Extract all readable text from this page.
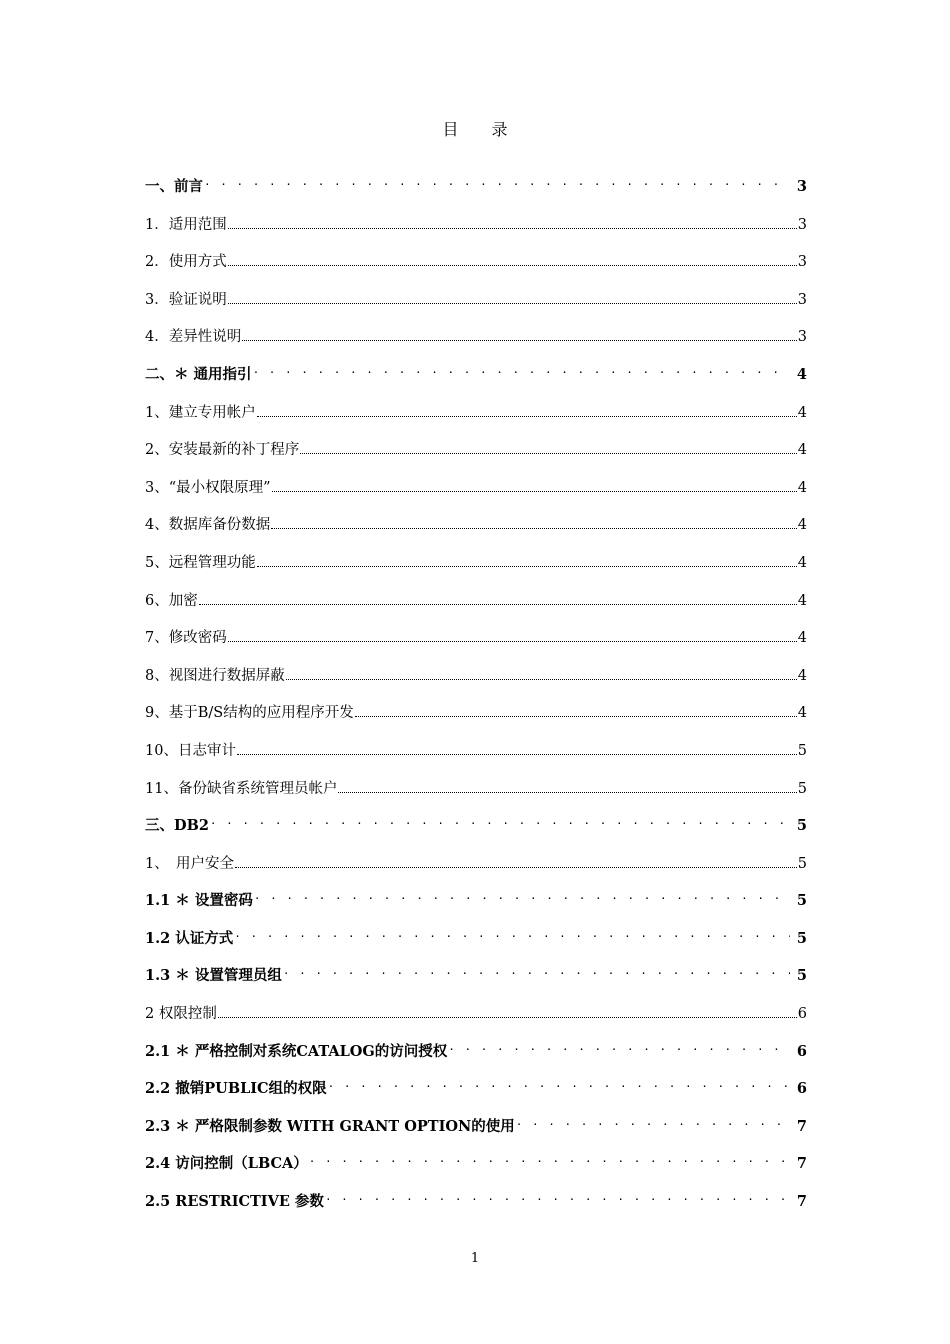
目 录
一、前言 . . .	3
1．适用范围	3
2．使用方式	3
3．验证说明	3
4．差异性说明	3
二、＊ 通用指引 . . .	4
1、建立专用帐户	4
2、安装最新的补丁程序	4
3、“最小权限原理”	4
4、数据库备份数据	4
5、远程管理功能	4
6、加密	4
7、修改密码	4
8、视图进行数据屏蔽	4
9、基于B/S结构的应用程序开发	4
10、日志审计	5
11、备份缺省系统管理员帐户	5
三、DB2 . . .	5
1、　用户安全	5
1.1 ＊ 设置密码 . . .	5
1.2 认证方式 . . .	5
1.3 ＊ 设置管理员组 . . .	5
2 权限控制	6
2.1 ＊ 严格控制对系统CATALOG的访问授权 . . .	6
2.2 撤销PUBLIC组的权限 . . .	6
2.3 ＊ 严格限制参数 WITH GRANT OPTION的使用 . . .	7
2.4 访问控制（LBCA） . . .	7
2.5 RESTRICTIVE 参数 . . .	7
1
